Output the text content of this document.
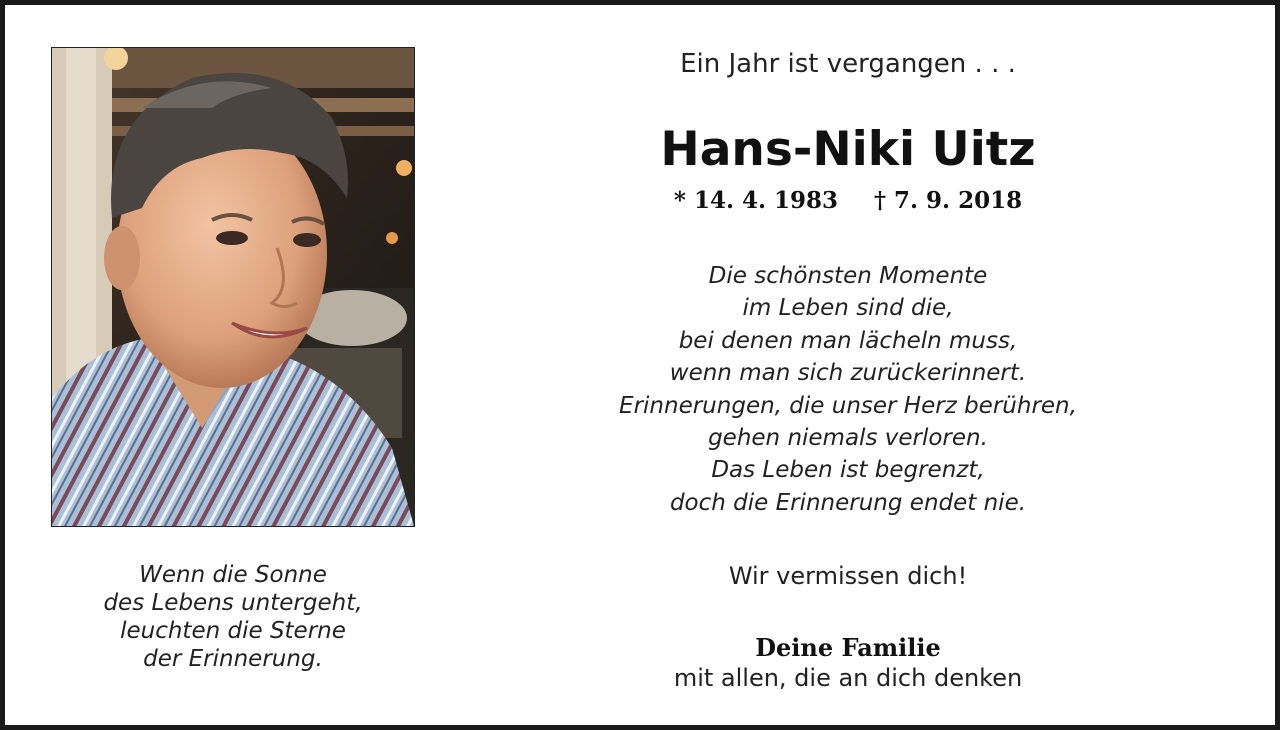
Wenn die Sonne
des Lebens untergeht,
leuchten die Sterne
der Erinnerung.
Ein Jahr ist vergangen . . .
Hans-Niki Uitz
* 14. 4. 1983 † 7. 9. 2018
Die schönsten Momente
im Leben sind die,
bei denen man lächeln muss,
wenn man sich zurückerinnert.
Erinnerungen, die unser Herz berühren,
gehen niemals verloren.
Das Leben ist begrenzt,
doch die Erinnerung endet nie.
Wir vermissen dich!
Deine Familie
mit allen, die an dich denken
